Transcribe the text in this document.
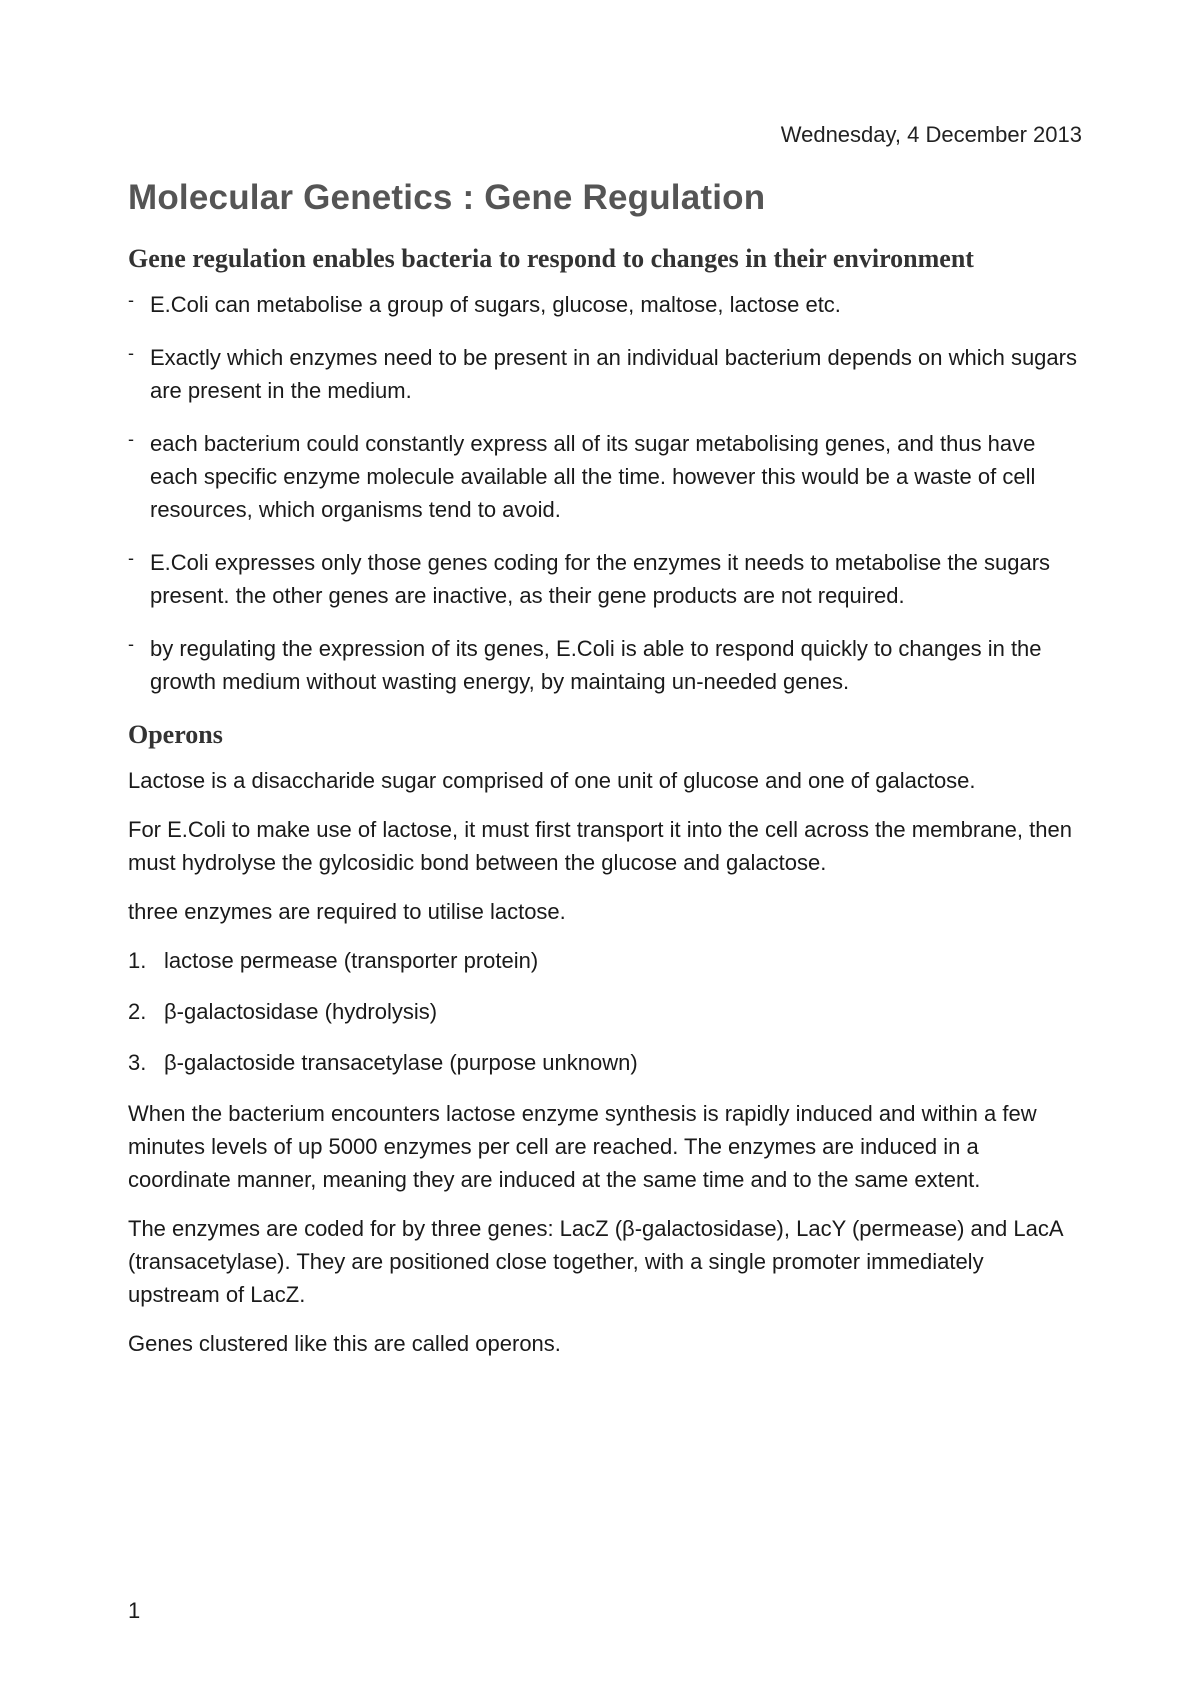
Wednesday, 4 December 2013
Molecular Genetics : Gene Regulation
Gene regulation enables bacteria to respond to changes in their environment
- E.Coli can metabolise a group of sugars, glucose, maltose, lactose etc.
- Exactly which enzymes need to be present in an individual bacterium depends on which sugars are present in the medium.
- each bacterium could constantly express all of its sugar metabolising genes, and thus have each specific enzyme molecule available all the time. however this would be a waste of cell resources, which organisms tend to avoid.
- E.Coli expresses only those genes coding for the enzymes it needs to metabolise the sugars present. the other genes are inactive, as their gene products are not required.
- by regulating the expression of its genes, E.Coli is able to respond quickly to changes in the growth medium without wasting energy, by maintaing un-needed genes.
Operons

Lactose is a disaccharide sugar comprised of one unit of glucose and one of galactose.

For E.Coli to make use of lactose, it must first transport it into the cell across the membrane, then must hydrolyse the gylcosidic bond between the glucose and galactose.

three enzymes are required to utilise lactose.

1. lactose permease (transporter protein)
2. β-galactosidase (hydrolysis)
3. β-galactoside transacetylase (purpose unknown)

When the bacterium encounters lactose enzyme synthesis is rapidly induced and within a few minutes levels of up 5000 enzymes per cell are reached. The enzymes are induced in a coordinate manner, meaning they are induced at the same time and to the same extent.

The enzymes are coded for by three genes: LacZ (β-galactosidase), LacY (permease) and LacA (transacetylase). They are positioned close together, with a single promoter immediately upstream of LacZ.

Genes clustered like this are called operons.

1
